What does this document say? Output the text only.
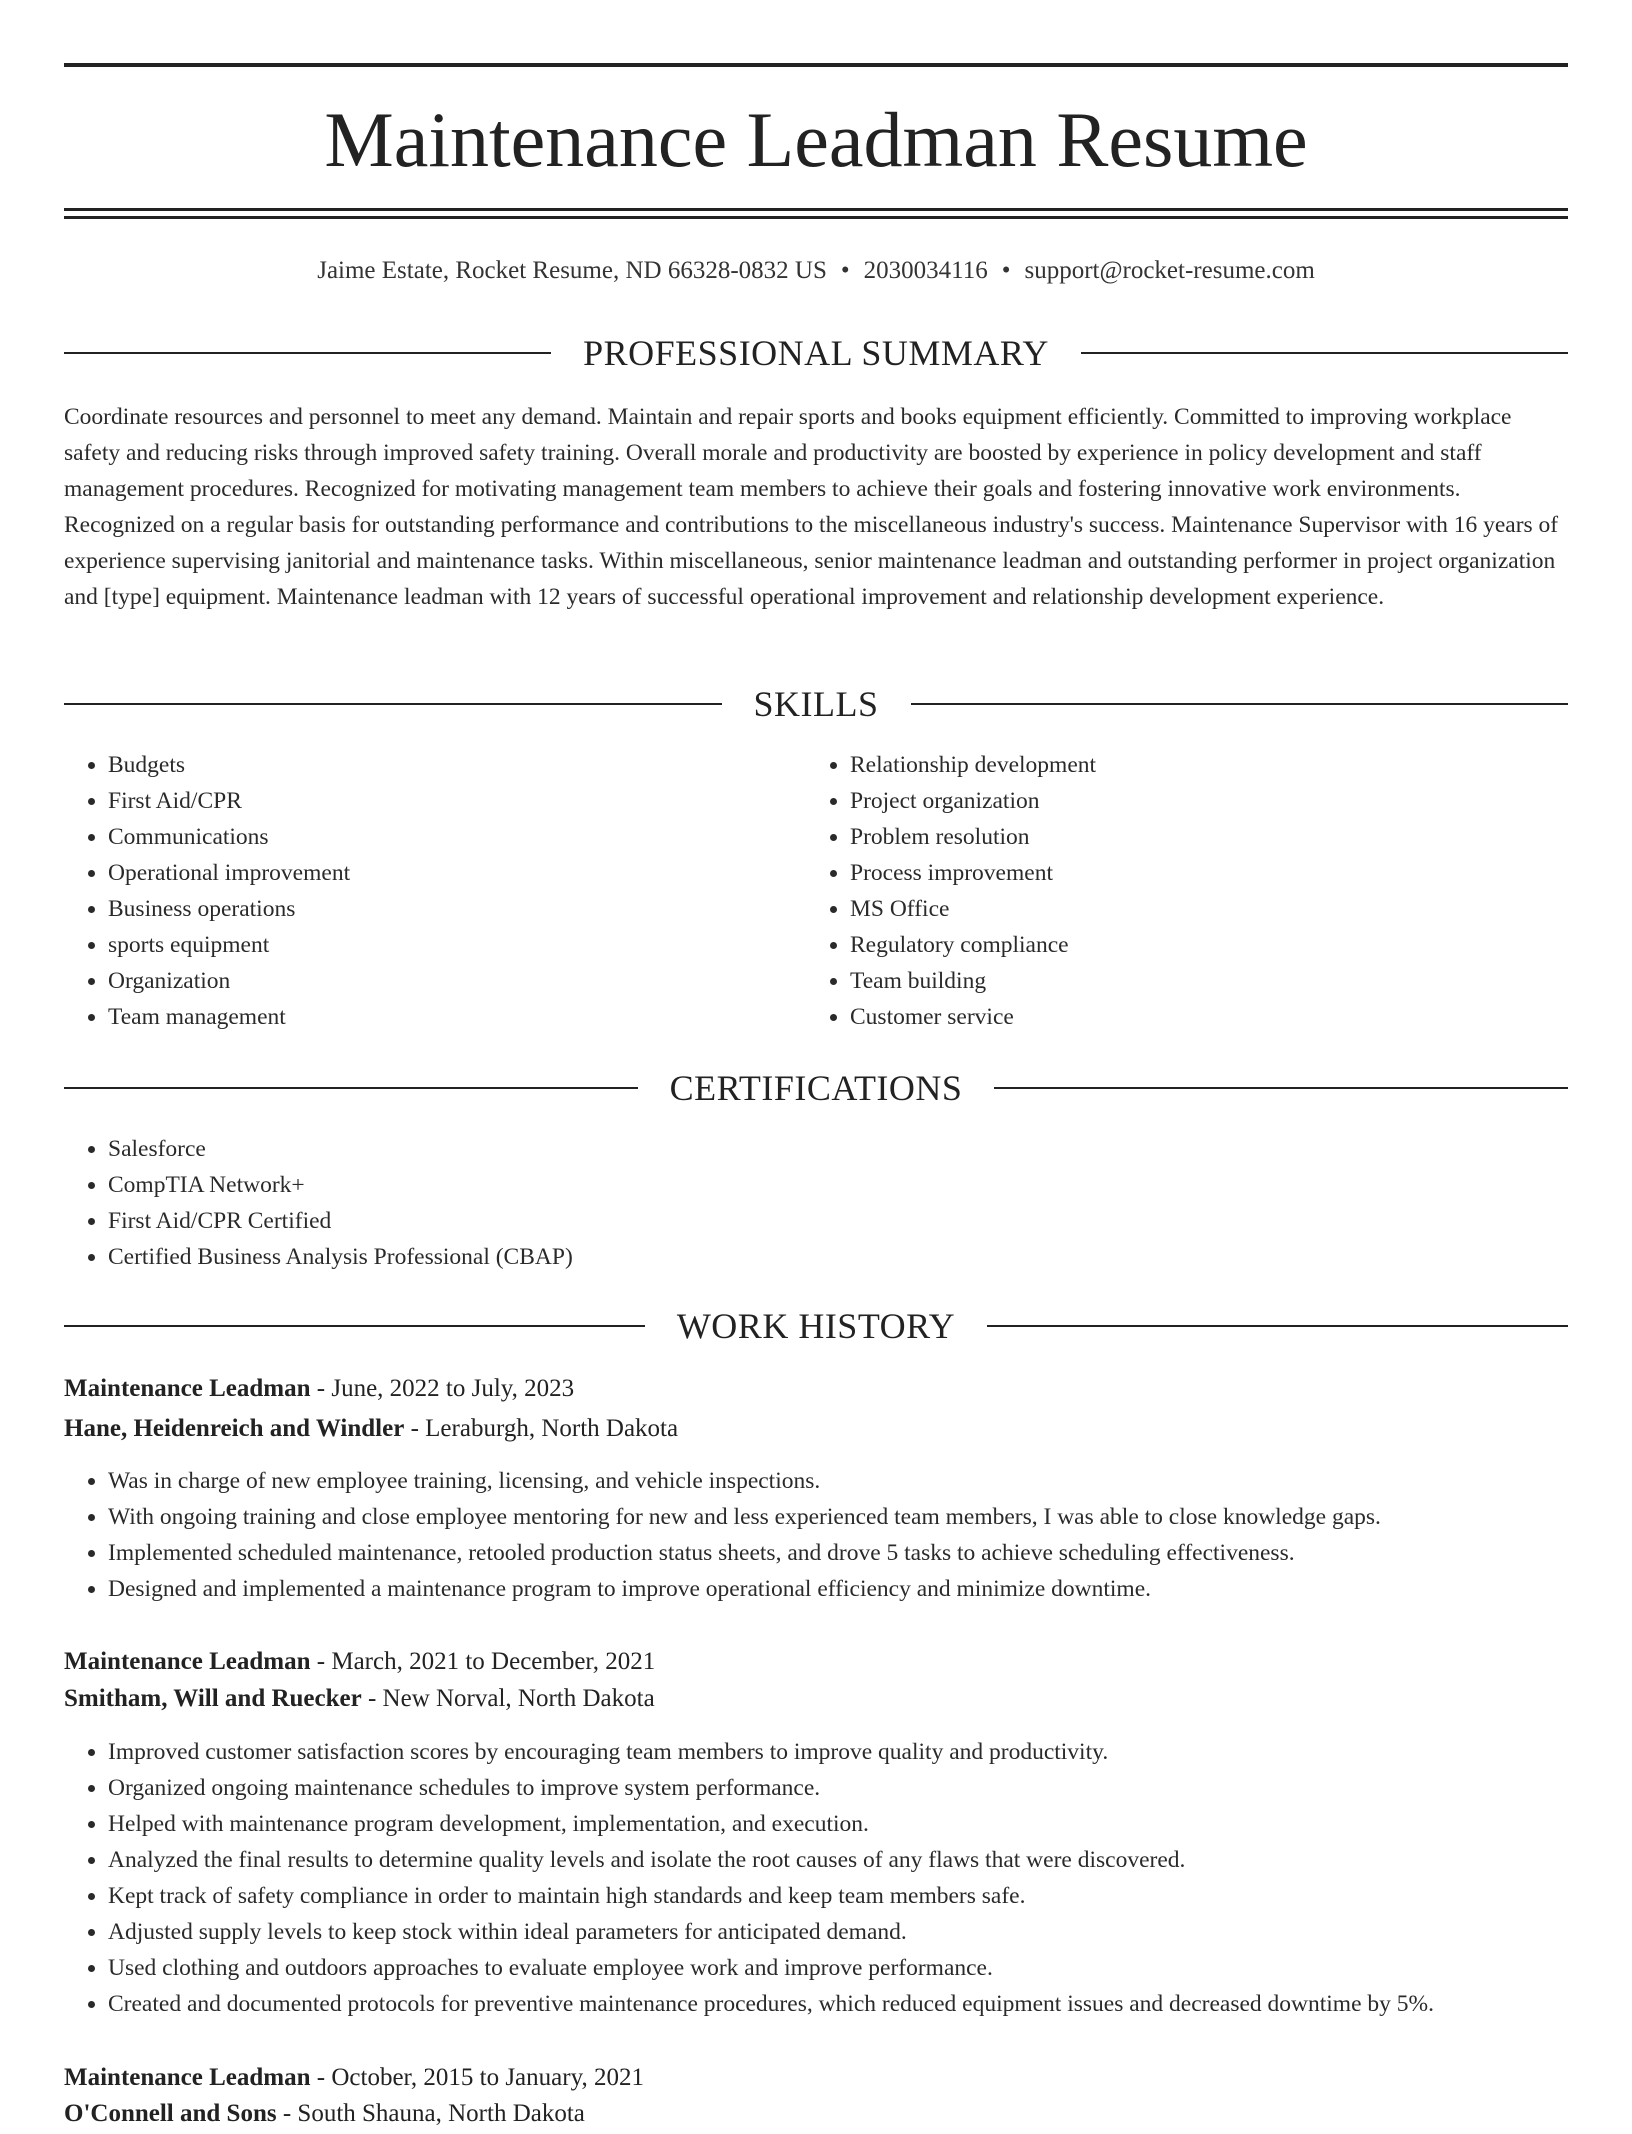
Maintenance Leadman Resume
Jaime Estate, Rocket Resume, ND 66328-0832 US • 2030034116 • support@rocket-resume.com
PROFESSIONAL SUMMARY
Coordinate resources and personnel to meet any demand. Maintain and repair sports and books equipment efficiently. Committed to improving workplace safety and reducing risks through improved safety training. Overall morale and productivity are boosted by experience in policy development and staff management procedures. Recognized for motivating management team members to achieve their goals and fostering innovative work environments. Recognized on a regular basis for outstanding performance and contributions to the miscellaneous industry's success. Maintenance Supervisor with 16 years of experience supervising janitorial and maintenance tasks. Within miscellaneous, senior maintenance leadman and outstanding performer in project organization and [type] equipment. Maintenance leadman with 12 years of successful operational improvement and relationship development experience.
SKILLS
• Budgets
• First Aid/CPR
• Communications
• Operational improvement
• Business operations
• sports equipment
• Organization
• Team management
• Relationship development
• Project organization
• Problem resolution
• Process improvement
• MS Office
• Regulatory compliance
• Team building
• Customer service
CERTIFICATIONS
• Salesforce
• CompTIA Network+
• First Aid/CPR Certified
• Certified Business Analysis Professional (CBAP)
WORK HISTORY
Maintenance Leadman - June, 2022 to July, 2023
Hane, Heidenreich and Windler - Leraburgh, North Dakota
• Was in charge of new employee training, licensing, and vehicle inspections.
• With ongoing training and close employee mentoring for new and less experienced team members, I was able to close knowledge gaps.
• Implemented scheduled maintenance, retooled production status sheets, and drove 5 tasks to achieve scheduling effectiveness.
• Designed and implemented a maintenance program to improve operational efficiency and minimize downtime.
Maintenance Leadman - March, 2021 to December, 2021
Smitham, Will and Ruecker - New Norval, North Dakota
• Improved customer satisfaction scores by encouraging team members to improve quality and productivity.
• Organized ongoing maintenance schedules to improve system performance.
• Helped with maintenance program development, implementation, and execution.
• Analyzed the final results to determine quality levels and isolate the root causes of any flaws that were discovered.
• Kept track of safety compliance in order to maintain high standards and keep team members safe.
• Adjusted supply levels to keep stock within ideal parameters for anticipated demand.
• Used clothing and outdoors approaches to evaluate employee work and improve performance.
• Created and documented protocols for preventive maintenance procedures, which reduced equipment issues and decreased downtime by 5%.
Maintenance Leadman - October, 2015 to January, 2021
O'Connell and Sons - South Shauna, North Dakota
